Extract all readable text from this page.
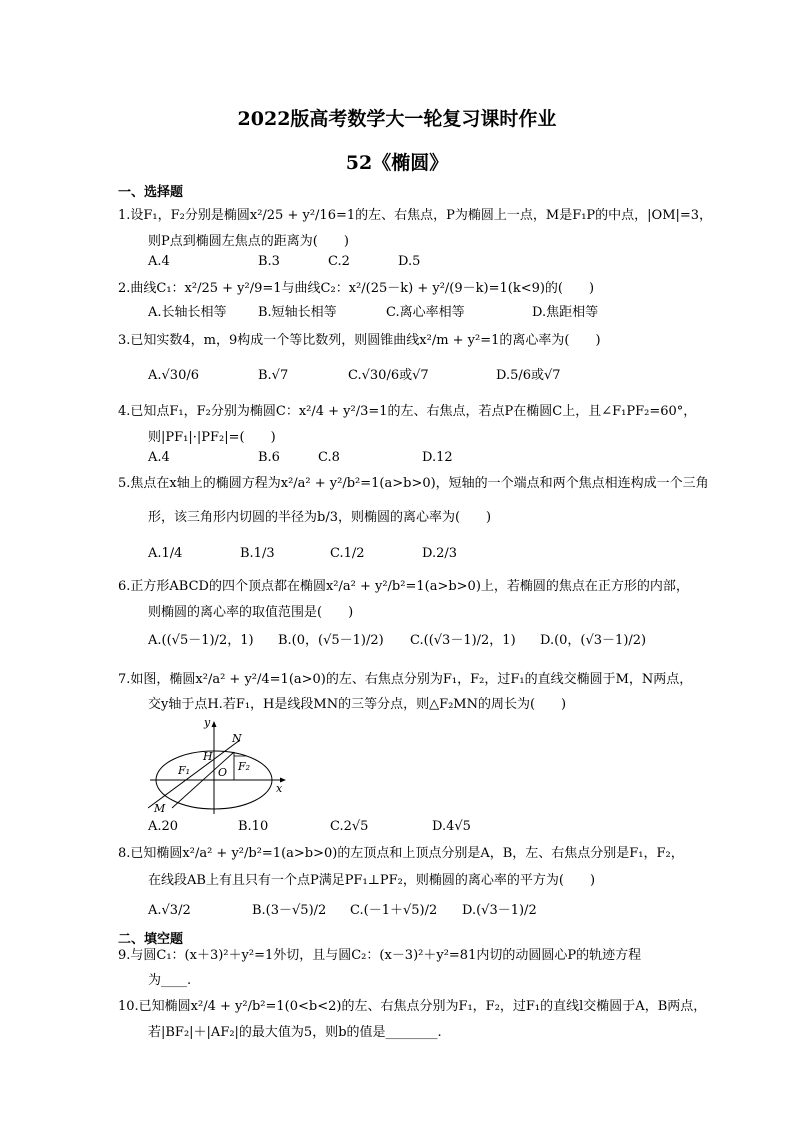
2022版高考数学大一轮复习课时作业
52《椭圆》
一、选择题
1.设F₁，F₂分别是椭圆x²/25 + y²/16=1的左、右焦点，P为椭圆上一点，M是F₁P的中点，|OM|=3，
则P点到椭圆左焦点的距离为(　　)
A.4	B.3	C.2	D.5
2.曲线C₁：x²/25 + y²/9=1与曲线C₂：x²/(25－k) + y²/(9－k)=1(k<9)的(　　)
A.长轴长相等 B.短轴长相等	C.离心率相等	D.焦距相等
3.已知实数4，m，9构成一个等比数列，则圆锥曲线x²/m + y²=1的离心率为(　　)
A.√30/6	B.√7	C.√30/6或√7	D.5/6或√7
4.已知点F₁，F₂分别为椭圆C：x²/4 + y²/3=1的左、右焦点，若点P在椭圆C上，且∠F₁PF₂=60°，
则|PF₁|·|PF₂|=(　　)
A.4	B.6	C.8	D.12
5.焦点在x轴上的椭圆方程为x²/a² + y²/b²=1(a>b>0)，短轴的一个端点和两个焦点相连构成一个三角
形，该三角形内切圆的半径为b/3，则椭圆的离心率为(　　)
A.1/4	B.1/3	C.1/2	D.2/3
6.正方形ABCD的四个顶点都在椭圆x²/a² + y²/b²=1(a>b>0)上，若椭圆的焦点在正方形的内部，
则椭圆的离心率的取值范围是(　　)
A.((√5－1)/2，1) B.(0，(√5－1)/2) C.((√3－1)/2，1) D.(0，(√3－1)/2)
7.如图，椭圆x²/a² + y²/4=1(a>0)的左、右焦点分别为F₁，F₂，过F₁的直线交椭圆于M，N两点，
交y轴于点H.若F₁，H是线段MN的三等分点，则△F₂MN的周长为(　　)
y
N
H
F₁	O F₂
x
M
A.20	B.10	C.2√5	D.4√5
8.已知椭圆x²/a² + y²/b²=1(a>b>0)的左顶点和上顶点分别是A，B，左、右焦点分别是F₁，F₂，
在线段AB上有且只有一个点P满足PF₁⊥PF₂，则椭圆的离心率的平方为(　　)
A.√3/2	B.(3－√5)/2 C.(－1＋√5)/2 D.(√3－1)/2
二、填空题
9.与圆C₁：(x＋3)²＋y²=1外切，且与圆C₂：(x－3)²＋y²=81内切的动圆圆心P的轨迹方程
为____.
10.已知椭圆x²/4 + y²/b²=1(0<b<2)的左、右焦点分别为F₁，F₂，过F₁的直线l交椭圆于A，B两点，
若|BF₂|＋|AF₂|的最大值为5，则b的值是________.
